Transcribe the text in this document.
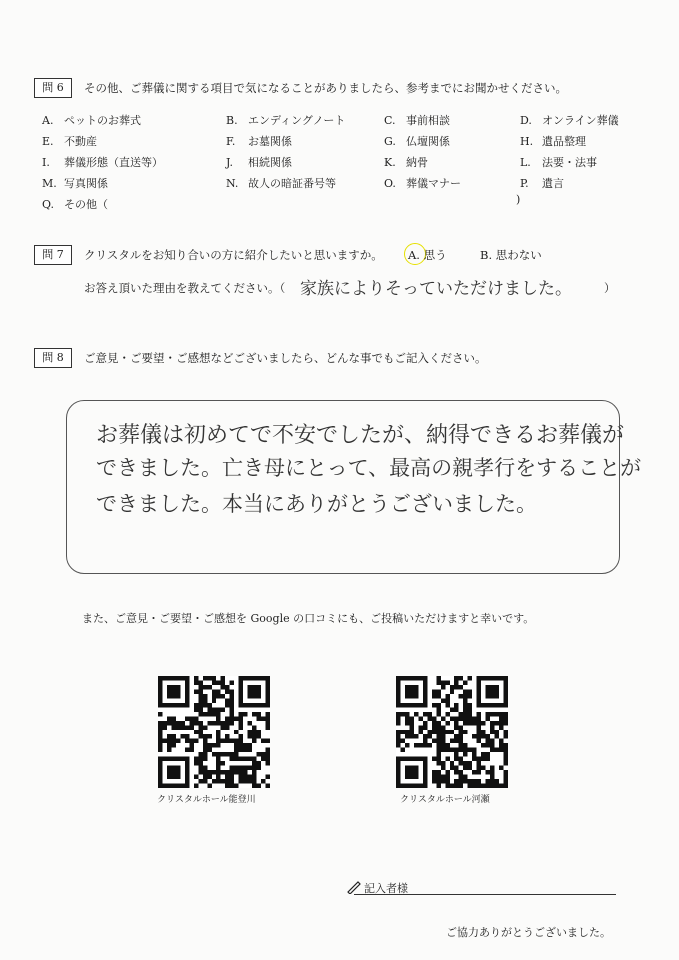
問 6	その他、ご葬儀に関する項目で気になることがありましたら、参考までにお聞かせください。
A. ペットのお葬式	B. エンディングノート	C. 事前相談	D. オンライン葬儀
E. 不動産	F. お墓関係	G. 仏壇関係	H. 遺品整理
I. 葬儀形態（直送等）	J. 相続関係	K. 納骨	L. 法要・法事
M. 写真関係	N. 故人の暗証番号等	O. 葬儀マナー	P. 遺言
Q. その他（	)
問 7	クリスタルをお知り合いの方に紹介したいと思いますか。 A. 思う	B. 思わない
お答え頂いた理由を教えてください。（ 家族によりそっていただけました。	）
問 8	ご意見・ご要望・ご感想などございましたら、どんな事でもご記入ください。
お葬儀は初めてで不安でしたが、納得できるお葬儀が
できました。亡き母にとって、最高の親孝行をすることが
できました。本当にありがとうございました。
また、ご意見・ご要望・ご感想を Google の口コミにも、ご投稿いただけますと幸いです。
クリスタルホール能登川	クリスタルホール河瀬
記入者様
ご協力ありがとうございました。
